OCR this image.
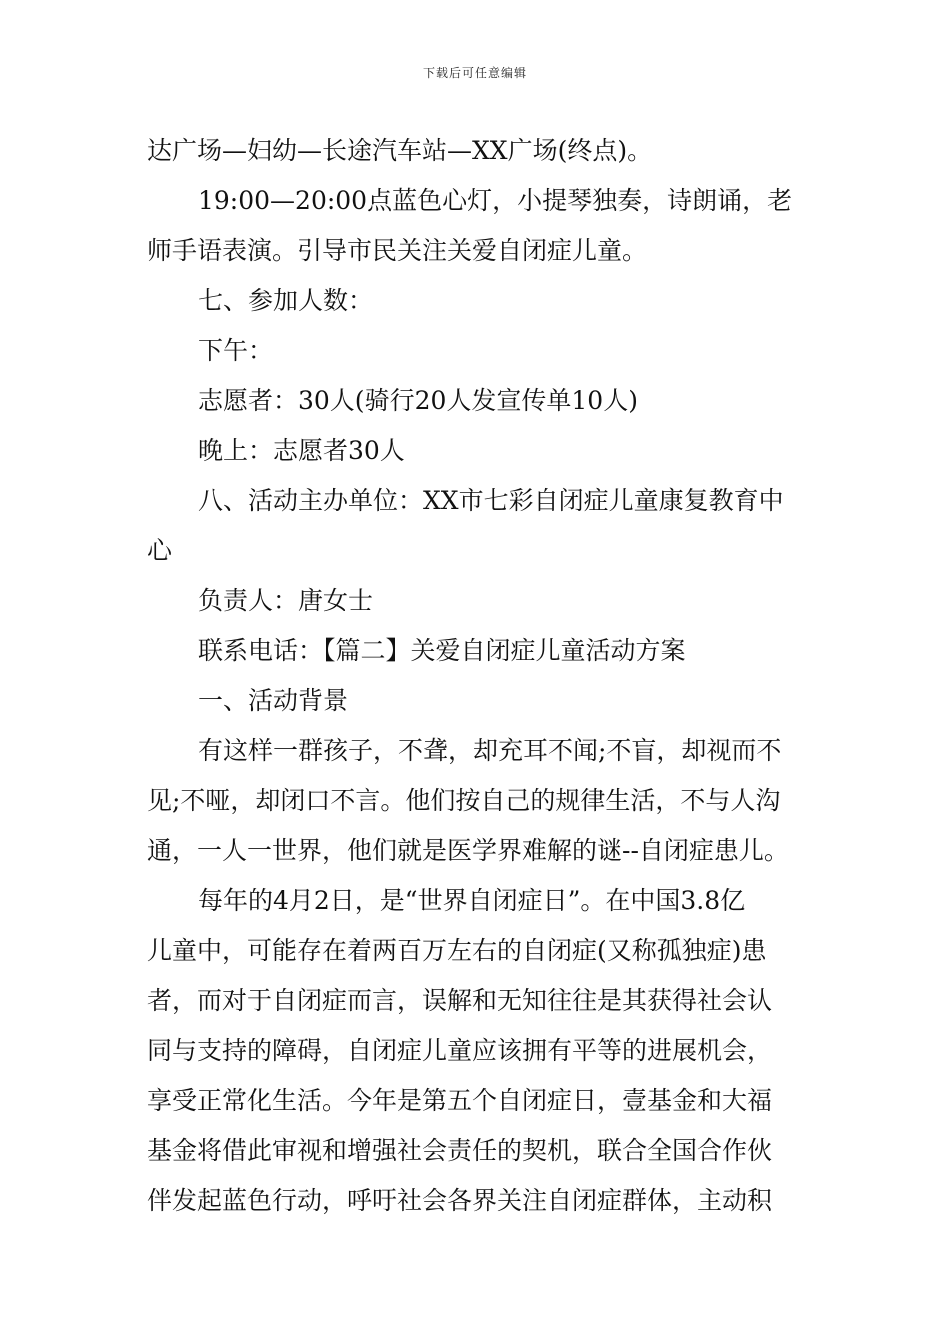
下载后可任意编辑
达广场—妇幼—长途汽车站—XX广场(终点)。
19:00—20:00点蓝色心灯，小提琴独奏，诗朗诵，老
师手语表演。引导市民关注关爱自闭症儿童。
七、参加人数：
下午：
志愿者：30人(骑行20人发宣传单10人)
晚上：志愿者30人
八、活动主办单位：XX市七彩自闭症儿童康复教育中
心
负责人：唐女士
联系电话：【篇二】关爱自闭症儿童活动方案
一、活动背景
有这样一群孩子，不聋，却充耳不闻;不盲，却视而不
见;不哑，却闭口不言。他们按自己的规律生活，不与人沟
通，一人一世界，他们就是医学界难解的谜--自闭症患儿。
每年的4月2日，是“世界自闭症日”。在中国3.8亿
儿童中，可能存在着两百万左右的自闭症(又称孤独症)患
者，而对于自闭症而言，误解和无知往往是其获得社会认
同与支持的障碍，自闭症儿童应该拥有平等的进展机会，
享受正常化生活。今年是第五个自闭症日，壹基金和大福
基金将借此审视和增强社会责任的契机，联合全国合作伙
伴发起蓝色行动，呼吁社会各界关注自闭症群体，主动积
